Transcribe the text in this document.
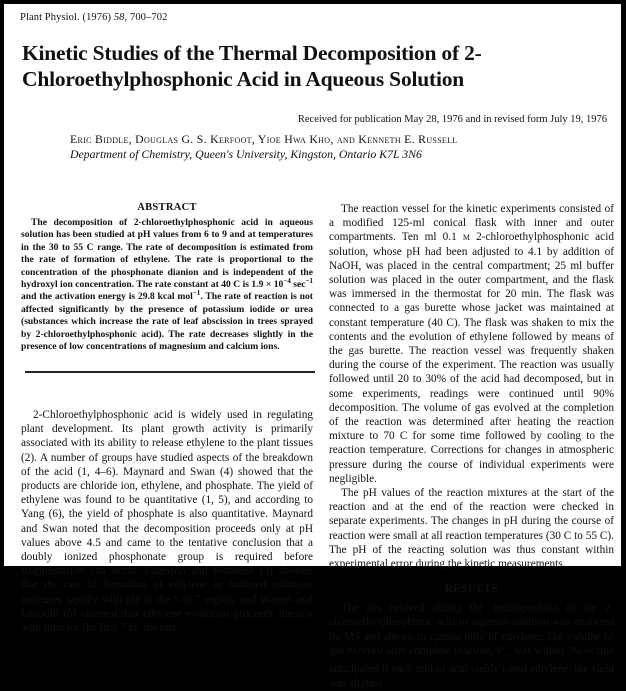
Plant Physiol. (1976) 58, 700–702
Kinetic Studies of the Thermal Decomposition of 2-Chloroethylphosphonic Acid in Aqueous Solution
Received for publication May 28, 1976 and in revised form July 19, 1976
Eric Biddle, Douglas G. S. Kerfoot, Yioe Hwa Kho, and Kenneth E. Russell
Department of Chemistry, Queen's University, Kingston, Ontario K7L 3N6
ABSTRACT

The decomposition of 2-chloroethylphosphonic acid in aqueous solution has been studied at pH values from 6 to 9 and at temperatures in the 30 to 55 C range. The rate of decomposition is estimated from the rate of formation of ethylene. The rate is proportional to the concentration of the phosphonate dianion and is independent of the hydroxyl ion concentration. The rate constant at 40 C is $1.9 \times 10^{-4}$ $\sec^{-1}$ and the activation energy is 29.8 kcal mol$^{-1}$. The rate of reaction is not affected significantly by the presence of potassium iodide or urea (substances which increase the rate of leaf abscission in trees sprayed by 2-chloroethylphosphonic acid). The rate decreases slightly in the presence of low concentrations of magnesium and calcium ions.

2-Chloroethylphosphonic acid is widely used in regulating plant development. Its plant growth activity is primarily associated with its ability to release ethylene to the plant tissues (2). A number of groups have studied aspects of the breakdown of the acid (1, 4–6). Maynard and Swan (4) showed that the products are chloride ion, ethylene, and phosphate. The yield of ethylene was found to be quantitative (1, 5), and according to Yang (6), the yield of phosphate is also quantitative. Maynard and Swan noted that the decomposition proceeds only at pH values above 4.5 and came to the tentative conclusion that a doubly ionized phosphonate group is required before fragmentation can occur. Edgerton and Blanpied (3) showed that the rate of formation of ethylene in buffered solutions increases rapidly with pH in the 5 to 7 region, and Warner and Leopold (5) claimed that ethylene evolution proceeds linearly with time for the first 7 hr, the rate

The reaction vessel for the kinetic experiments consisted of a modified 125-ml conical flask with inner and outer compartments. Ten ml 0.1 m 2-chloroethylphosphonic acid solution, whose pH had been adjusted to 4.1 by addition of NaOH, was placed in the central compartment; 25 ml buffer solution was placed in the outer compartment, and the flask was immersed in the thermostat for 20 min. The flask was connected to a gas burette whose jacket was maintained at constant temperature (40 C). The flask was shaken to mix the contents and the evolution of ethylene followed by means of the gas burette. The reaction vessel was frequently shaken during the course of the experiment. The reaction was usually followed until 20 to 30% of the acid had decomposed, but in some experiments, readings were continued until 90% decomposition. The volume of gas evolved at the completion of the reaction was determined after heating the reaction mixture to 70 C for some time followed by cooling to the reaction temperature. Corrections for changes in atmospheric pressure during the course of individual experiments were negligible.

The pH values of the reaction mixtures at the start of the reaction and at the end of the reaction were checked in separate experiments. The changes in pH during the course of reaction were small at all reaction temperatures (30 C to 55 C). The pH of the reacting solution was thus constant within experimental error during the kinetic measurements.

RESULTS

The gas evolved during the decomposition of the 2-chloroethylphosphonic acid in aqueous solution was analyzed by MS and shown to consist only of ethylene. The volume of gas evolved after complete reaction, $V_\infty$, was within 5% of that anticipated if each mol of acid yields 1 mol ethylene; the yield was slightly
